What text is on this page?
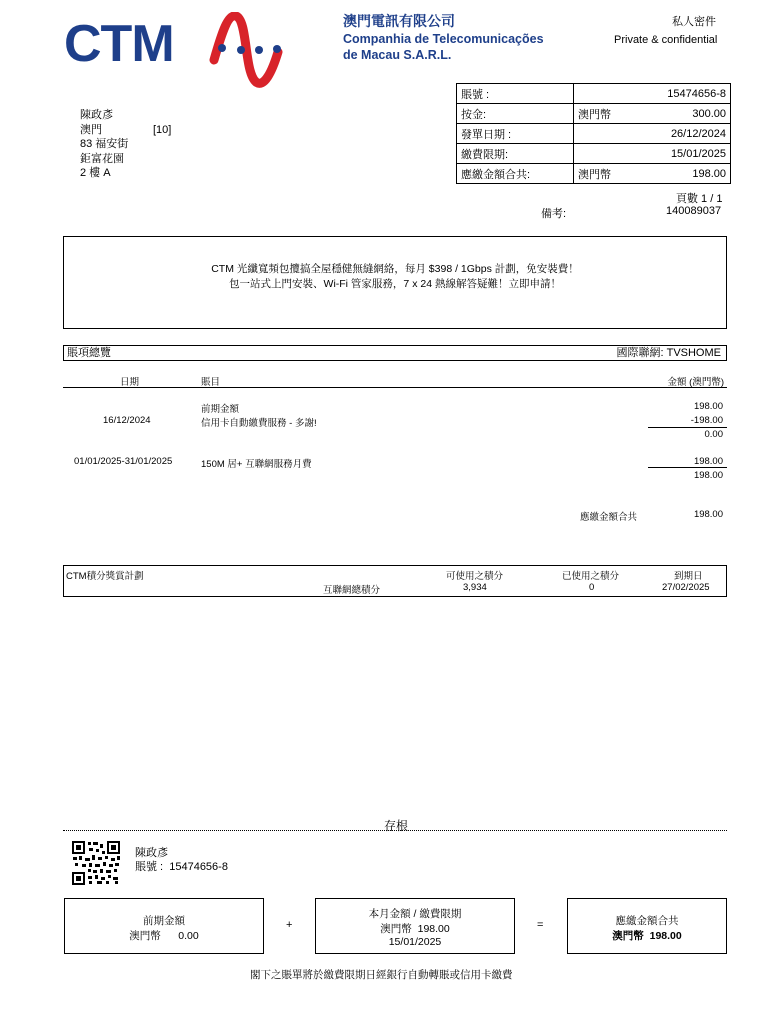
CTM	澳門電訊有限公司
Companhia de Telecomunicações
de Macau S.A.R.L.
私人密件
Private & confidential
陳政彥
澳門	[10]
83 福安街
鉅富花園
2 樓 A
賬號 :	15474656-8	
按金:	澳門幣	300.00
發單日期 :	26/12/2024	
繳費限期:	15/01/2025	
應繳金額合共:	澳門幣	198.00
頁數 1 / 1
備考:	140089037
CTM 光纖寬頻包攬搞全屋穩健無縫網絡，每月 $398 / 1Gbps 計劃，免安裝費！
包一站式上門安裝、Wi-Fi 管家服務，7 x 24 熱線解答疑難！立即申請！
賬項總覽	國際聯網: TVSHOME
日期	賬目	金額 (澳門幣)
前期金額	198.00
16/12/2024	信用卡自動繳費服務 - 多謝!	-198.00
0.00
01/01/2025-31/01/2025	150M 居+ 互聯網服務月費	198.00
198.00
應繳金額合共	198.00
CTM積分獎賞計劃	可使用之積分	已使用之積分	到期日
互聯網總積分	3,934	0	27/02/2025
存根
陳政彥
賬號 :  15474656-8
前期金額
澳門幣      0.00
+
本月金額 / 繳費限期
澳門幣  198.00
15/01/2025
=	應繳金額合共
澳門幣  198.00
閣下之賬單將於繳費限期日經銀行自動轉賬或信用卡繳費
